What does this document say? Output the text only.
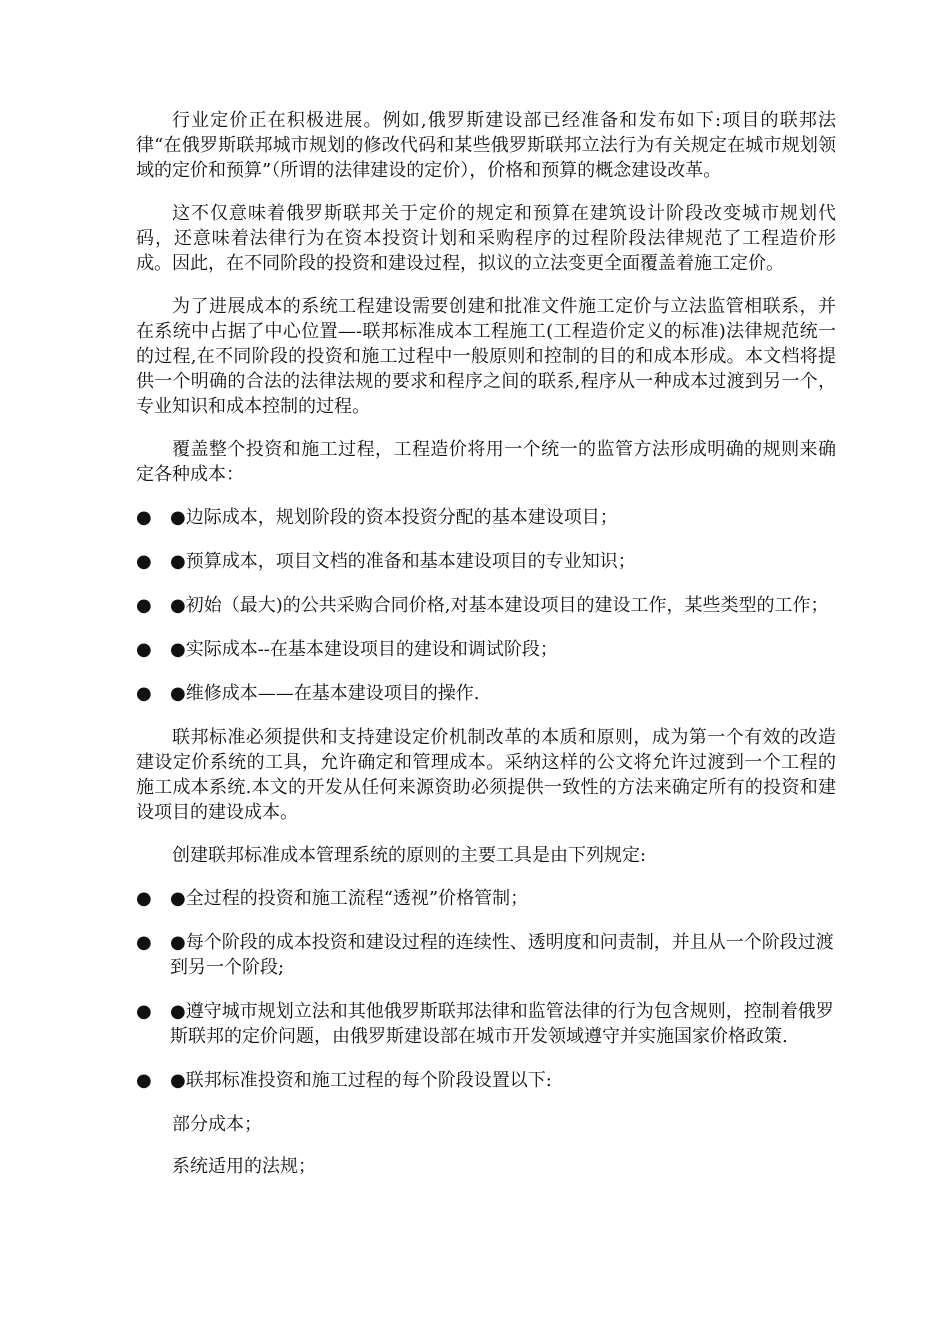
行业定价正在积极进展。例如,俄罗斯建设部已经准备和发布如下:项目的联邦法律“在俄罗斯联邦城市规划的修改代码和某些俄罗斯联邦立法行为有关规定在城市规划领域的定价和预算”（所谓的法律建设的定价），价格和预算的概念建设改革。

这不仅意味着俄罗斯联邦关于定价的规定和预算在建筑设计阶段改变城市规划代码，还意味着法律行为在资本投资计划和采购程序的过程阶段法律规范了工程造价形成。因此，在不同阶段的投资和建设过程，拟议的立法变更全面覆盖着施工定价。

为了进展成本的系统工程建设需要创建和批准文件施工定价与立法监管相联系，并在系统中占据了中心位置—-联邦标准成本工程施工(工程造价定义的标准)法律规范统一的过程,在不同阶段的投资和施工过程中一般原则和控制的目的和成本形成。本文档将提供一个明确的合法的法律法规的要求和程序之间的联系,程序从一种成本过渡到另一个，专业知识和成本控制的过程。

覆盖整个投资和施工过程，工程造价将用一个统一的监管方法形成明确的规则来确定各种成本：

● ●边际成本，规划阶段的资本投资分配的基本建设项目；
● ●预算成本，项目文档的准备和基本建设项目的专业知识；
● ●初始（最大)的公共采购合同价格,对基本建设项目的建设工作，某些类型的工作；
● ●实际成本--在基本建设项目的建设和调试阶段；
● ●维修成本——在基本建设项目的操作.

联邦标准必须提供和支持建设定价机制改革的本质和原则，成为第一个有效的改造建设定价系统的工具，允许确定和管理成本。采纳这样的公文将允许过渡到一个工程的施工成本系统.本文的开发从任何来源资助必须提供一致性的方法来确定所有的投资和建设项目的建设成本。

创建联邦标准成本管理系统的原则的主要工具是由下列规定:

● ●全过程的投资和施工流程“透视”价格管制；
● ●每个阶段的成本投资和建设过程的连续性、透明度和问责制，并且从一个阶段过渡到另一个阶段;
● ●遵守城市规划立法和其他俄罗斯联邦法律和监管法律的行为包含规则，控制着俄罗斯联邦的定价问题，由俄罗斯建设部在城市开发领域遵守并实施国家价格政策.
● ●联邦标准投资和施工过程的每个阶段设置以下:

部分成本；

系统适用的法规；
